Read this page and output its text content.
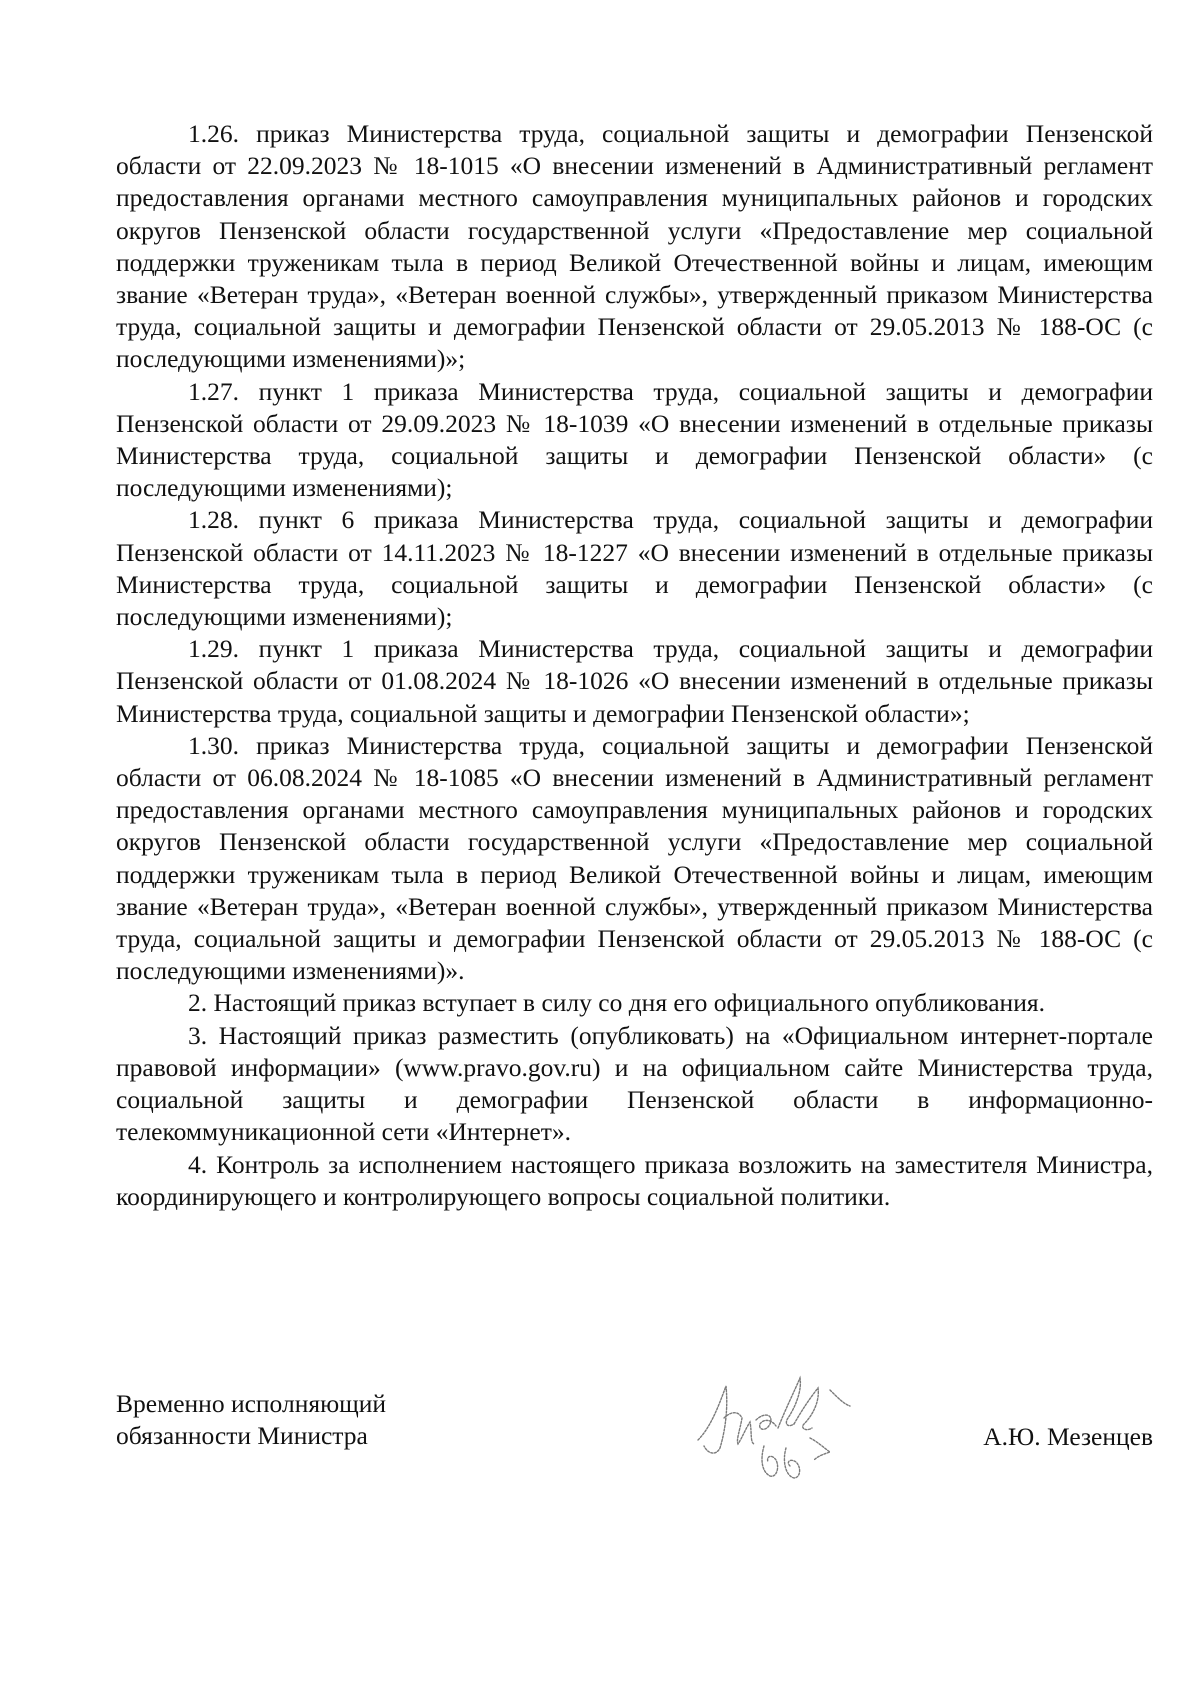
1.26. приказ Министерства труда, социальной защиты и демографии Пензенской области от 22.09.2023 № 18-1015 «О внесении изменений в Административный регламент предоставления органами местного самоуправления муниципальных районов и городских округов Пензенской области государственной услуги «Предоставление мер социальной поддержки труженикам тыла в период Великой Отечественной войны и лицам, имеющим звание «Ветеран труда», «Ветеран военной службы», утвержденный приказом Министерства труда, социальной защиты и демографии Пензенской области от 29.05.2013 № 188-ОС (с последующими изменениями)»;

1.27. пункт 1 приказа Министерства труда, социальной защиты и демографии Пензенской области от 29.09.2023 № 18-1039 «О внесении изменений в отдельные приказы Министерства труда, социальной защиты и демографии Пензенской области» (с последующими изменениями);

1.28. пункт 6 приказа Министерства труда, социальной защиты и демографии Пензенской области от 14.11.2023 № 18-1227 «О внесении изменений в отдельные приказы Министерства труда, социальной защиты и демографии Пензенской области» (с последующими изменениями);

1.29. пункт 1 приказа Министерства труда, социальной защиты и демографии Пензенской области от 01.08.2024 № 18-1026 «О внесении изменений в отдельные приказы Министерства труда, социальной защиты и демографии Пензенской области»;

1.30. приказ Министерства труда, социальной защиты и демографии Пензенской области от 06.08.2024 № 18-1085 «О внесении изменений в Административный регламент предоставления органами местного самоуправления муниципальных районов и городских округов Пензенской области государственной услуги «Предоставление мер социальной поддержки труженикам тыла в период Великой Отечественной войны и лицам, имеющим звание «Ветеран труда», «Ветеран военной службы», утвержденный приказом Министерства труда, социальной защиты и демографии Пензенской области от 29.05.2013 № 188-ОС (с последующими изменениями)».

2. Настоящий приказ вступает в силу со дня его официального опубликования.

3. Настоящий приказ разместить (опубликовать) на «Официальном интернет-портале правовой информации» (www.pravo.gov.ru) и на официальном сайте Министерства труда, социальной защиты и демографии Пензенской области в информационно-телекоммуникационной сети «Интернет».

4. Контроль за исполнением настоящего приказа возложить на заместителя Министра, координирующего и контролирующего вопросы социальной политики.

Временно исполняющий
обязанности Министра	А.Ю. Мезенцев
